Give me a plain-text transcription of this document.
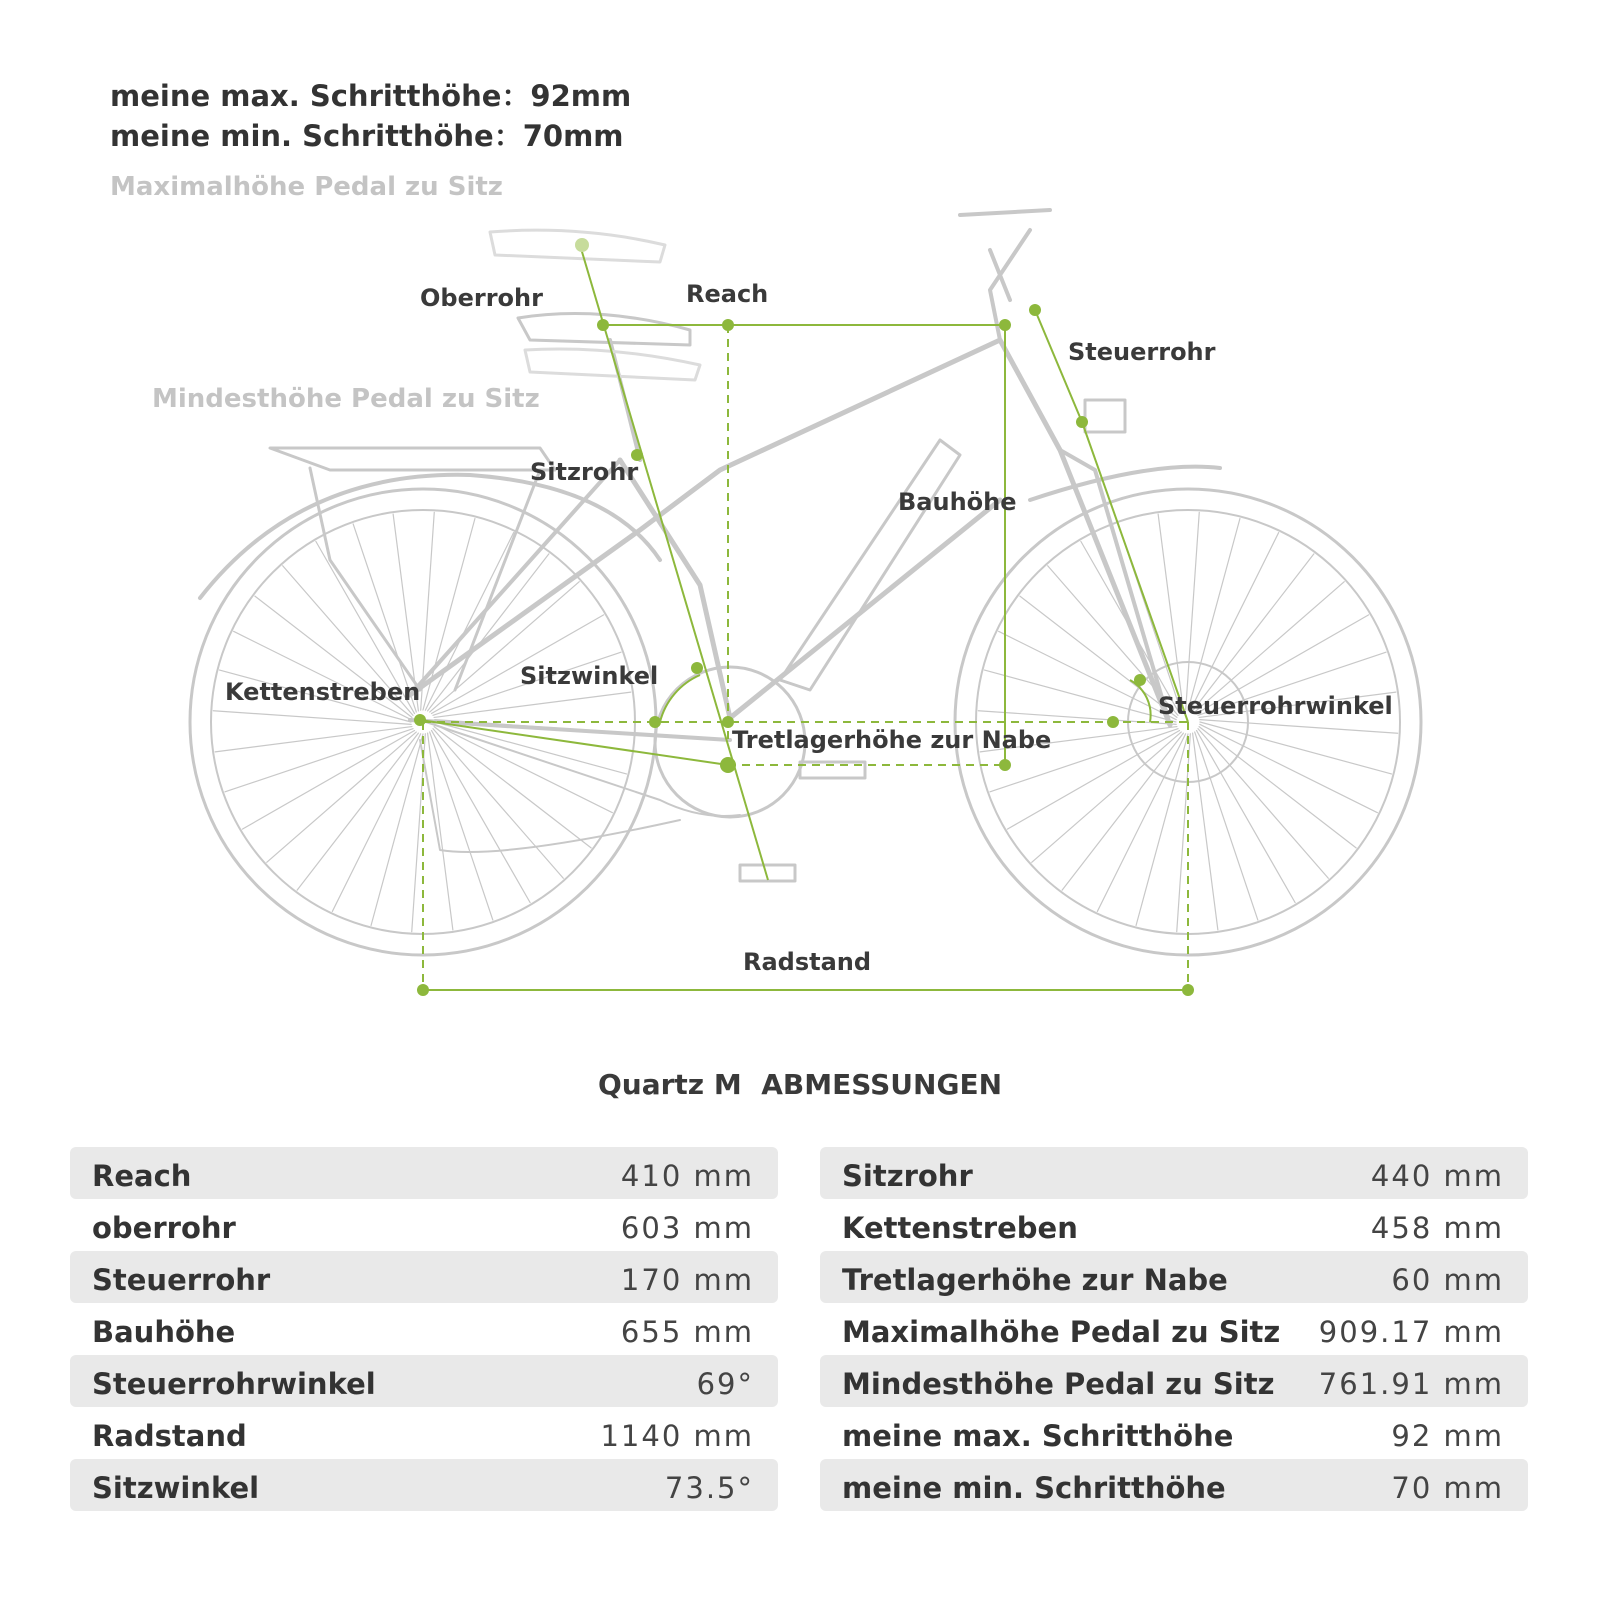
meine max. Schritthöhe：92mm
meine min. Schritthöhe：70mm
Maximalhöhe Pedal zu Sitz
Mindesthöhe Pedal zu Sitz
Oberrohr	Reach
Steuerrohr
Sitzrohr
Bauhöhe
Kettenstreben
Sitzwinkel
Steuerrohrwinkel
Tretlagerhöhe zur Nabe
Radstand
Quartz M  ABMESSUNGEN
Reach	410 mm
oberrohr	603 mm
Steuerrohr	170 mm
Bauhöhe	655 mm
Steuerrohrwinkel	69°
Radstand	1140 mm
Sitzwinkel	73.5°
Sitzrohr	440 mm
Kettenstreben	458 mm
Tretlagerhöhe zur Nabe	60 mm
Maximalhöhe Pedal zu Sitz 909.17 mm
Mindesthöhe Pedal zu Sitz 761.91 mm
meine max. Schritthöhe	92 mm
meine min. Schritthöhe	70 mm
